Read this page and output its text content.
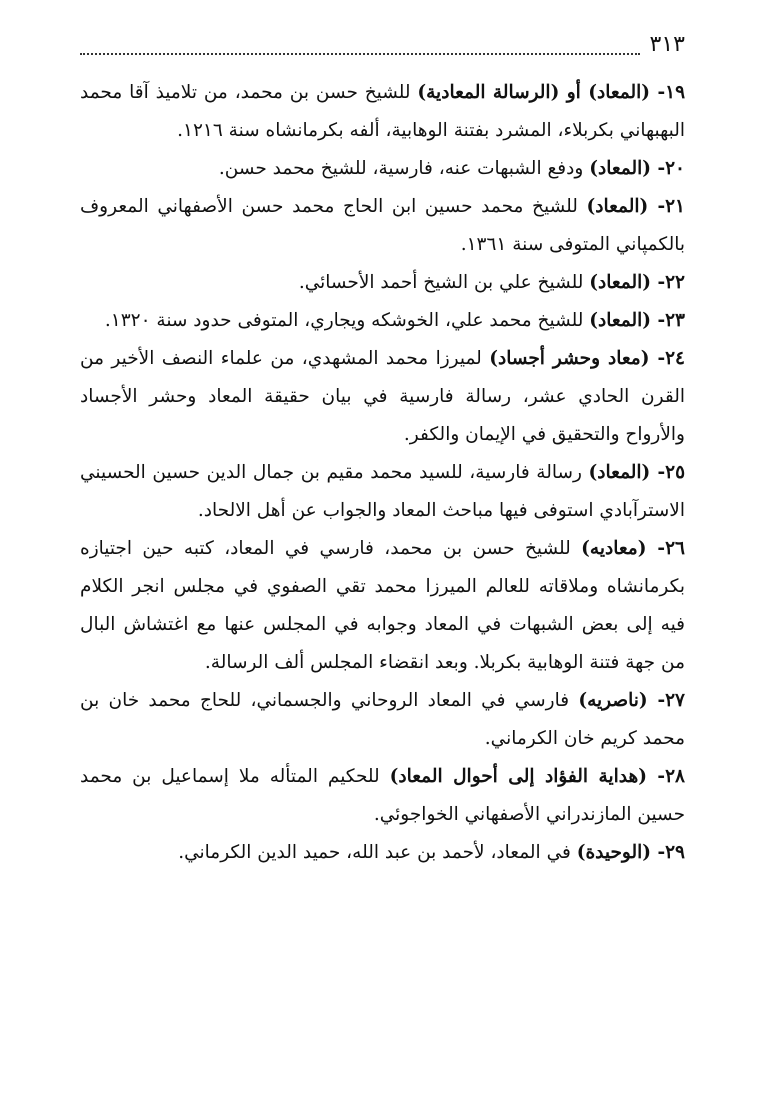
٣١٣

١٩- (المعاد) أو (الرسالة المعادية) للشيخ حسن بن محمد، من تلاميذ آقا محمد البهبهاني بكربلاء، المشرد بفتنة الوهابية، ألفه بكرمانشاه سنة ١٢١٦.

٢٠- (المعاد) ودفع الشبهات عنه، فارسية، للشيخ محمد حسن.

٢١- (المعاد) للشيخ محمد حسين ابن الحاج محمد حسن الأصفهاني المعروف بالكمپاني المتوفى سنة ١٣٦١.

٢٢- (المعاد) للشيخ علي بن الشيخ أحمد الأحسائي.

٢٣- (المعاد) للشيخ محمد علي، الخوشكه ويجاري، المتوفى حدود سنة ١٣٢٠.

٢٤- (معاد وحشر أجساد) لميرزا محمد المشهدي، من علماء النصف الأخير من القرن الحادي عشر، رسالة فارسية في بيان حقيقة المعاد وحشر الأجساد والأرواح والتحقيق في الإيمان والكفر.

٢٥- (المعاد) رسالة فارسية، للسيد محمد مقيم بن جمال الدين حسين الحسيني الاسترآبادي استوفى فيها مباحث المعاد والجواب عن أهل الالحاد.

٢٦- (معاديه) للشيخ حسن بن محمد، فارسي في المعاد، كتبه حين اجتيازه بكرمانشاه وملاقاته للعالم الميرزا محمد تقي الصفوي في مجلس انجر الكلام فيه إلى بعض الشبهات في المعاد وجوابه في المجلس عنها مع اغتشاش البال من جهة فتنة الوهابية بكربلا. وبعد انقضاء المجلس ألف الرسالة.

٢٧- (ناصريه) فارسي في المعاد الروحاني والجسماني، للحاج محمد خان بن محمد كريم خان الكرماني.

٢٨- (هداية الفؤاد إلى أحوال المعاد) للحكيم المتأله ملا إسماعيل بن محمد حسين المازندراني الأصفهاني الخواجوئي.

٢٩- (الوحيدة) في المعاد، لأحمد بن عبد الله، حميد الدين الكرماني.
